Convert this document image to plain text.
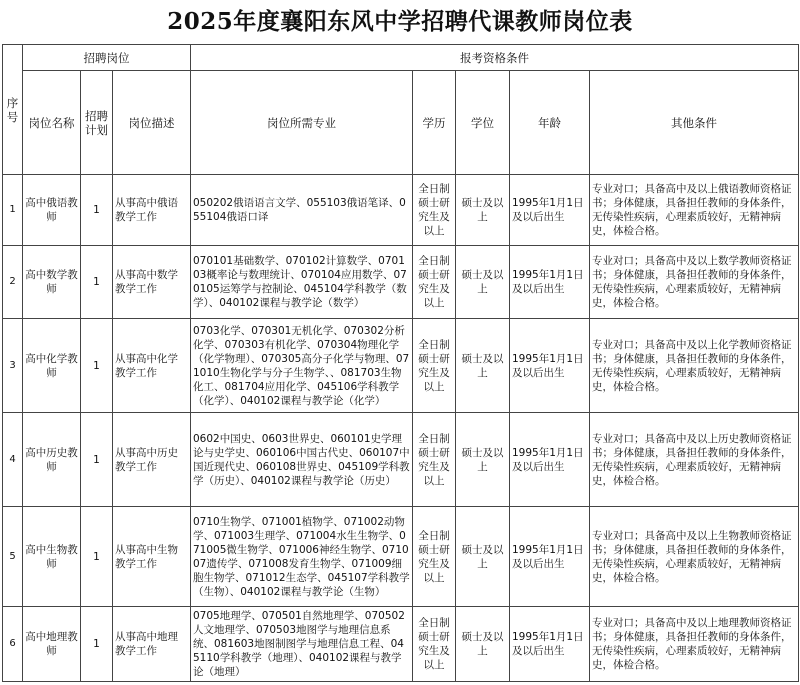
2025年度襄阳东风中学招聘代课教师岗位表
序号	招聘岗位			报考资格条件				
	岗位名称	招聘计划	岗位描述	岗位所需专业	学历	学位	年龄	其他条件
1	高中俄语教师	1	从事高中俄语教学工作	050202俄语语言文学、055103俄语笔译、055104俄语口译	全日制硕士研究生及以上	硕士及以上	1995年1月1日及以后出生	专业对口；具备高中及以上俄语教师资格证书；身体健康，具备担任教师的身体条件，无传染性疾病，心理素质较好，无精神病史，体检合格。
2	高中数学教师	1	从事高中数学教学工作	070101基础数学、070102计算数学、070103概率论与数理统计、070104应用数学、070105运筹学与控制论、045104学科教学（数学）、040102课程与教学论（数学）	全日制硕士研究生及以上	硕士及以上	1995年1月1日及以后出生	专业对口；具备高中及以上数学教师资格证书；身体健康，具备担任教师的身体条件，无传染性疾病，心理素质较好，无精神病史，体检合格。
3	高中化学教师	1	从事高中化学教学工作	0703化学、070301无机化学、070302分析化学、070303有机化学、070304物理化学（化学物理）、070305高分子化学与物理、071010生物化学与分子生物学、、081703生物化工、081704应用化学、045106学科教学（化学）、040102课程与教学论（化学）	全日制硕士研究生及以上	硕士及以上	1995年1月1日及以后出生	专业对口；具备高中及以上化学教师资格证书；身体健康，具备担任教师的身体条件，无传染性疾病，心理素质较好，无精神病史，体检合格。
4	高中历史教师	1	从事高中历史教学工作	0602中国史、0603世界史、060101史学理论与史学史、060106中国古代史、060107中国近现代史、060108世界史、045109学科教学（历史）、040102课程与教学论（历史）	全日制硕士研究生及以上	硕士及以上	1995年1月1日及以后出生	专业对口；具备高中及以上历史教师资格证书；身体健康，具备担任教师的身体条件，无传染性疾病，心理素质较好，无精神病史，体检合格。
5	高中生物教师	1	从事高中生物教学工作	0710生物学、071001植物学、071002动物学、071003生理学、071004水生生物学、071005微生物学、071006神经生物学、071007遗传学、071008发育生物学、071009细胞生物学、071012生态学、045107学科教学（生物）、040102课程与教学论（生物）	全日制硕士研究生及以上	硕士及以上	1995年1月1日及以后出生	专业对口；具备高中及以上生物教师资格证书；身体健康，具备担任教师的身体条件，无传染性疾病，心理素质较好，无精神病史，体检合格。
6	高中地理教师	1	从事高中地理教学工作	0705地理学、070501自然地理学、070502人文地理学、070503地图学与地理信息系统、081603地图制图学与地理信息工程、045110学科教学（地理）、040102课程与教学论（地理）	全日制硕士研究生及以上	硕士及以上	1995年1月1日及以后出生	专业对口；具备高中及以上地理教师资格证书；身体健康，具备担任教师的身体条件，无传染性疾病，心理素质较好，无精神病史，体检合格。
